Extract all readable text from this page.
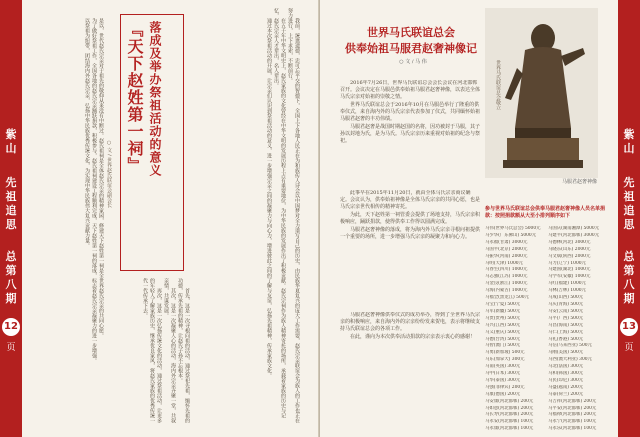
紫
山
先
祖
追
思
总
第
八
期
12
页	我前，统谯遗德，忠可忘平交的智德下，全国上下各地人民正在为和族传人诗会以中国梦对全力谱写自己的历史，由民族华夏复兴的庞大工作需要，赵氏宗亲联谊会为族人的工作也正在努力进行，上下求索，不断前行。

在五千年中华文明史上，赵氏家族的文化曾经在中华文明的发展历程上占有重要地位，为中华民族的发展作出了积极贡献。赵氏宗祠作为族人精神寄托的场所，承载着家族的历史与记忆，赵氏宗亲人才辈出，名人辈出。

通过本次祭祖活动的开展，让宗亲们认识到祭祖活动的意义，进一步增强宗亲之间的凝聚力与向心力，增进彼此之间的了解与友谊，弘扬先祖精神，传承家族文化。

『天下赵姓第一祠』 落成及举办祭祖活动的意义
○ 文 / 世界赵氏联谊会副会长

是以，世代赵氏宗亲对于祖先的敬仰从来没有中断过。赵氏祖祠是全体赵氏宗亲的精神家园，修建天下赵姓第一祠是全世界赵氏宗亲的共同心愿。

为了做好祭祖工作，全国各地的赵氏宗亲踊跃捐款，积极参与，赵氏祖祠建设工程顺利完成，天下赵姓第一祠的落成，标志着赵氏宗亲凝聚力的进一步增强。

以祭祖为纽带，团结海内外赵氏宗亲，弘扬中华民族优秀传统文化，为实现中华民族伟大复兴贡献力量。

首先，这是一次寻根问祖的活动，通过祭祀先祖，缅怀先祖的功德，传承先祖的精神，让赵氏子孙不忘根本。

其次，这是一次凝聚人心的活动，海内外宗亲齐聚一堂，共叙亲情，共谋发展。

再次，这是一次弘扬传统文化的活动，通过祭祖活动，让更多的年轻人了解家族历史，继承优良家风，将赵氏家族的优秀传统一代一代传承下去。

紫
山
先
祖
追
思
总
第
八
期
13
页
世界马氏联谊总会
供奉始祖马服君赵奢神像记
○ 文 / 马 伟	世界马氏联谊总会敬立
马服君赵奢神像

2016年7月26日，世界马氏联谊总会会长会议在河北邯郸召开。会议决定在马服邑供奉始祖马服君赵奢神像，以表达全体马氏宗亲对始祖的崇敬之情。

世界马氏联谊总会于2016年10月在马服邑举行了隆重的供奉仪式，来自海内外的马氏宗亲代表参加了仪式，共同缅怀始祖马服君赵奢的丰功伟绩。

马服君赵奢是战国时期赵国的名将，因功被封于马服，其子孙以封地为氏，是为马氏。马氏宗亲历来重视对始祖的纪念与祭祀。

此事早在2015年11月20日，就由全体马氏宗亲商议确定。会议认为，供奉始祖神像是全体马氏宗亲的共同心愿，也是马氏宗亲世代相传的精神寄托。

为此，天下赵姓第一祠管委会提供了场地支持，马氏宗亲积极响应，踊跃捐款，使得供奉工作得以圆满完成。

马服君赵奢神像的落成，将为海内外马氏宗亲寻根问祖提供一个重要的场所，进一步增强马氏宗亲的凝聚力和向心力。

马服君赵奢神像供奉仪式的成功举办，得到了全世界马氏宗亲的积极响应，来自海内外的宗亲纷纷发来贺电，表示将继续支持马氏联谊总会的各项工作。

在此，谨向为本次供奉活动捐款的宗亲表示衷心的感谢！

参与世界马氏联谊总会供奉马服君赵奢神像人员名单捐款：按照捐款额从大至小排列顺序如下
马伟(世界马氏总会) 5000元	马国庆(湖南湘潭) 5000元
马少华(广东佛山) 5000元	马建平(河北邯郸) 3000元
马永福(甘肃) 3000元	马德林(河北) 3000元
马国平(北京) 2000元	马晓东(山东) 2000元
马振华(河南) 2000元	马文斌(陕西) 2000元
马明(天津) 1000元	马力(辽宁) 1000元
马春生(四川) 1000元	马建国(湖北) 1000元
马志强(江苏) 1000元	马学军(安徽) 1000元
马金良(浙江) 1000元	马红(福建) 1000元
马海(内蒙古) 1000元	马林(吉林) 1000元
马福全(黑龙江) 500元	马成(山西) 500元
马宝(宁夏) 500元	马庆(青海) 500元
马军(新疆) 500元	马安(云南) 500元
马贵(贵州) 500元	马平(广西) 500元
马兴(江西) 500元	马昌(海南) 500元
马义(重庆) 500元	马仁(上海) 500元
马德(台湾) 500元	马礼(香港) 500元
马智(澳门) 500元	马信(马来西亚) 500元
马勇(新加坡) 500元	马刚(美国) 500元
马东(加拿大) 300元	马西(澳大利亚) 300元
马南(英国) 300元	马北(法国) 300元
马中(日本) 300元	马和(韩国) 300元
马华(泰国) 300元	马民(印尼) 300元
马强(菲律宾) 200元	马盛(越南) 200元
马康(德国) 200元	马泰(荷兰) 200元
马安康(河北邯郸) 200元	马吉祥(河北邯郸) 200元
马如意(河北邯郸) 200元	马平安(河北邯郸) 200元
马长寿(河北邯郸) 200元	马福禄(河北邯郸) 200元
马永安(河北邯郸) 100元	马永宁(河北邯郸) 100元
马永康(河北邯郸) 100元	马永乐(河北邯郸) 100元
